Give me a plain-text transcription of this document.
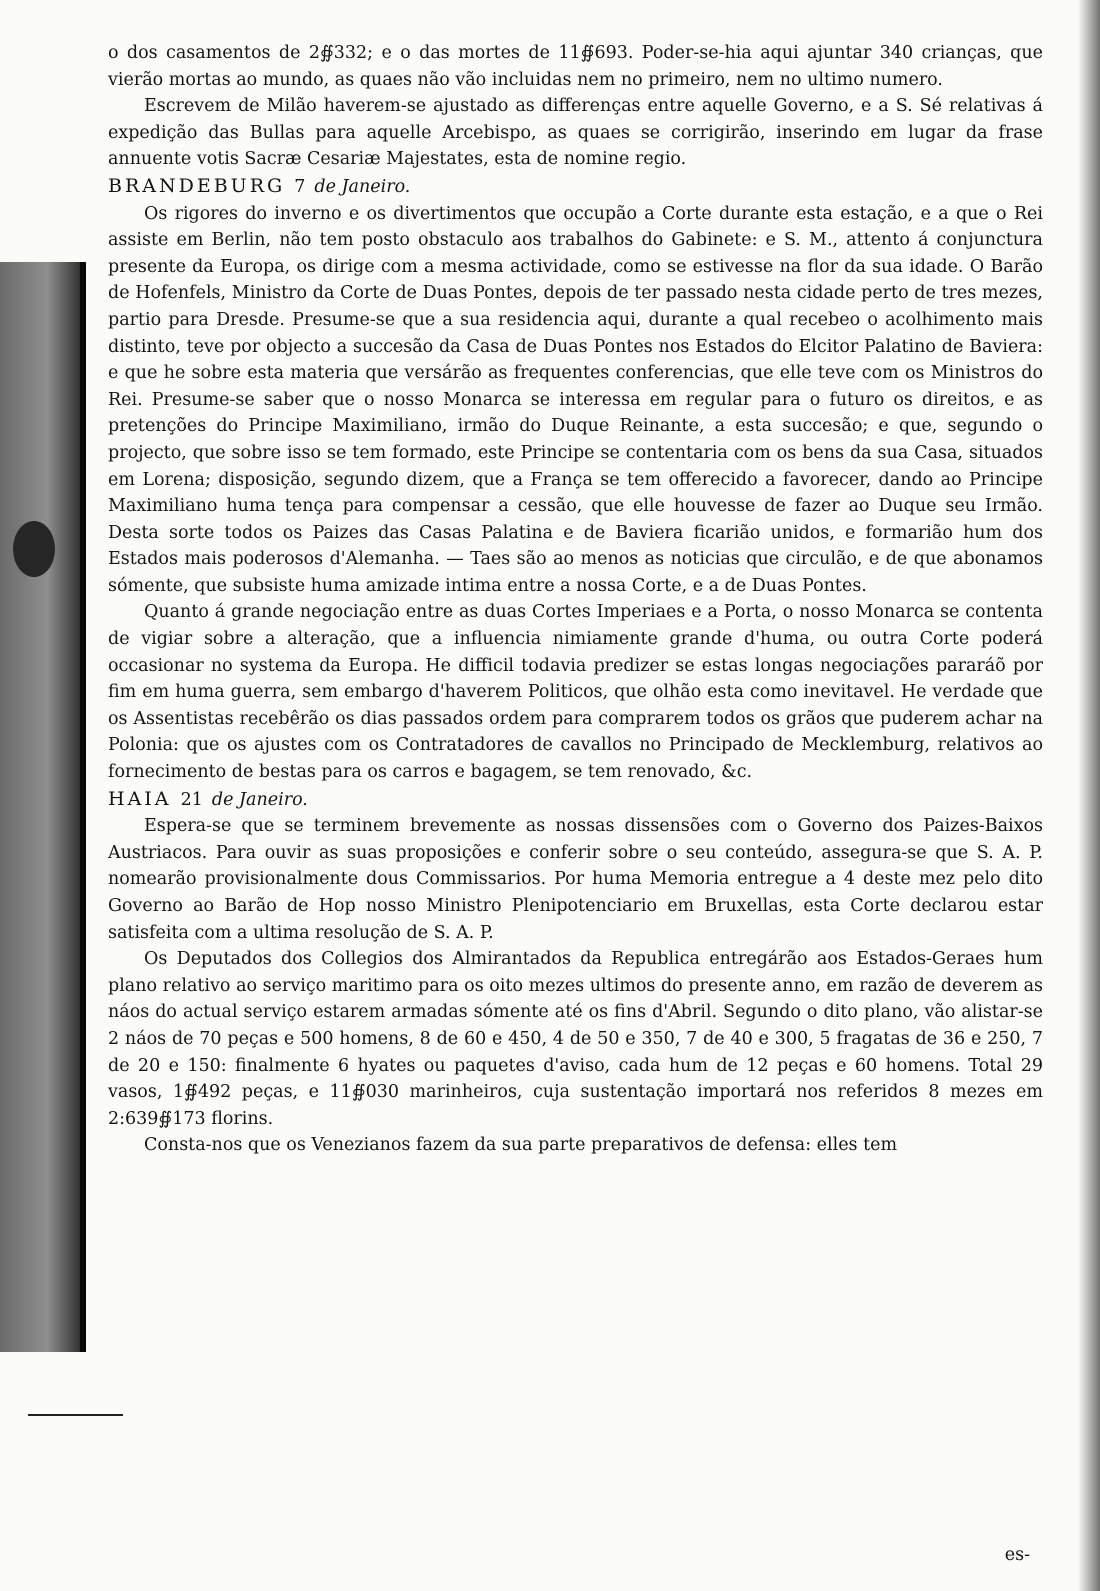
o dos casamentos de 2∯332; e o das mortes de 11∯693. Poder-se-hia aqui ajuntar 340 crianças, que vierão mortas ao mundo, as quaes não vão incluidas nem no primeiro, nem no ultimo numero.

Escrevem de Milão haverem-se ajustado as differenças entre aquelle Governo, e a S. Sé relativas á expedição das Bullas para aquelle Arcebispo, as quaes se corrigirão, inserindo em lugar da frase annuente votis Sacræ Cesariæ Majestates, esta de nomine regio.

BRANDEBURG 7 de Janeiro.

Os rigores do inverno e os divertimentos que occupão a Corte durante esta estação, e a que o Rei assiste em Berlin, não tem posto obstaculo aos trabalhos do Gabinete: e S. M., attento á conjunctura presente da Europa, os dirige com a mesma actividade, como se estivesse na flor da sua idade. O Barão de Hofenfels, Ministro da Corte de Duas Pontes, depois de ter passado nesta cidade perto de tres mezes, partio para Dresde. Presume-se que a sua residencia aqui, durante a qual recebeo o acolhimento mais distinto, teve por objecto a succesão da Casa de Duas Pontes nos Estados do Elcitor Palatino de Baviera: e que he sobre esta materia que versárão as frequentes conferencias, que elle teve com os Ministros do Rei. Presume-se saber que o nosso Monarca se interessa em regular para o futuro os direitos, e as pretenções do Principe Maximiliano, irmão do Duque Reinante, a esta succesão; e que, segundo o projecto, que sobre isso se tem formado, este Principe se contentaria com os bens da sua Casa, situados em Lorena; disposição, segundo dizem, que a França se tem offerecido a favorecer, dando ao Principe Maximiliano huma tença para compensar a cessão, que elle houvesse de fazer ao Duque seu Irmão. Desta sorte todos os Paizes das Casas Palatina e de Baviera ficarião unidos, e formarião hum dos Estados mais poderosos d'Alemanha. — Taes são ao menos as noticias que circulão, e de que abonamos sómente, que subsiste huma amizade intima entre a nossa Corte, e a de Duas Pontes.

Quanto á grande negociação entre as duas Cortes Imperiaes e a Porta, o nosso Monarca se contenta de vigiar sobre a alteração, que a influencia nimiamente grande d'huma, ou outra Corte poderá occasionar no systema da Europa. He difficil todavia predizer se estas longas negociações pararáõ por fim em huma guerra, sem embargo d'haverem Politicos, que olhão esta como inevitavel. He verdade que os Assentistas recebêrão os dias passados ordem para comprarem todos os grãos que puderem achar na Polonia: que os ajustes com os Contratadores de cavallos no Principado de Mecklemburg, relativos ao fornecimento de bestas para os carros e bagagem, se tem renovado, &c.

HAIA 21 de Janeiro.

Espera-se que se terminem brevemente as nossas dissensões com o Governo dos Paizes-Baixos Austriacos. Para ouvir as suas proposições e conferir sobre o seu conteúdo, assegura-se que S. A. P. nomearão provisionalmente dous Commissarios. Por huma Memoria entregue a 4 deste mez pelo dito Governo ao Barão de Hop nosso Ministro Plenipotenciario em Bruxellas, esta Corte declarou estar satisfeita com a ultima resolução de S. A. P.

Os Deputados dos Collegios dos Almirantados da Republica entregárão aos Estados-Geraes hum plano relativo ao serviço maritimo para os oito mezes ultimos do presente anno, em razão de deverem as náos do actual serviço estarem armadas sómente até os fins d'Abril. Segundo o dito plano, vão alistar-se 2 náos de 70 peças e 500 homens, 8 de 60 e 450, 4 de 50 e 350, 7 de 40 e 300, 5 fragatas de 36 e 250, 7 de 20 e 150: finalmente 6 hyates ou paquetes d'aviso, cada hum de 12 peças e 60 homens. Total 29 vasos, 1∯492 peças, e 11∯030 marinheiros, cuja sustentação importará nos referidos 8 mezes em 2:639∯173 florins.

Consta-nos que os Venezianos fazem da sua parte preparativos de defensa: elles tem

es-
